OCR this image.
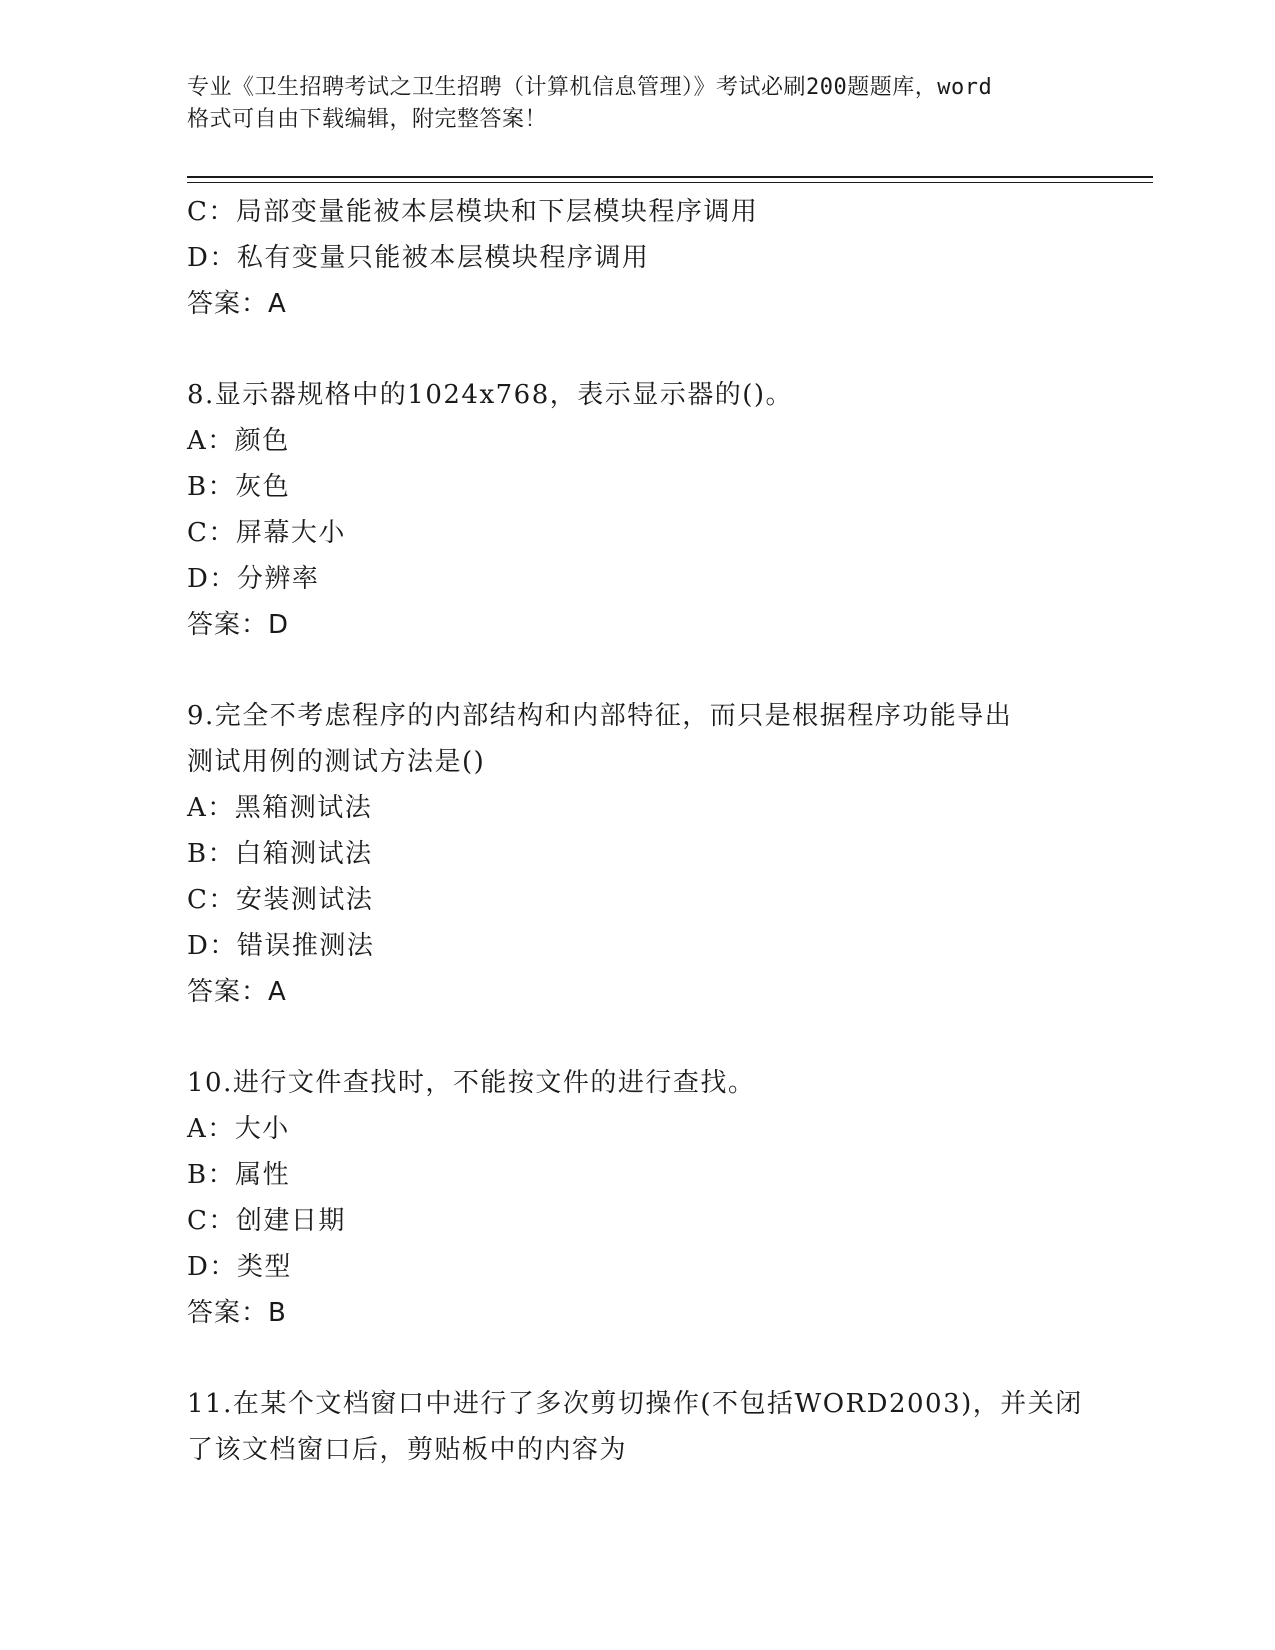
专业《卫生招聘考试之卫生招聘（计算机信息管理）》考试必刷200题题库，word
格式可自由下载编辑，附完整答案！
C：局部变量能被本层模块和下层模块程序调用
D：私有变量只能被本层模块程序调用
答案：A
8.显示器规格中的1024x768，表示显示器的()。
A：颜色
B：灰色
C：屏幕大小
D：分辨率
答案：D
9.完全不考虑程序的内部结构和内部特征，而只是根据程序功能导出
测试用例的测试方法是()
A：黑箱测试法
B：白箱测试法
C：安装测试法
D：错误推测法
答案：A
10.进行文件查找时，不能按文件的进行查找。
A：大小
B：属性
C：创建日期
D：类型
答案：B
11.在某个文档窗口中进行了多次剪切操作(不包括WORD2003)，并关闭
了该文档窗口后，剪贴板中的内容为
